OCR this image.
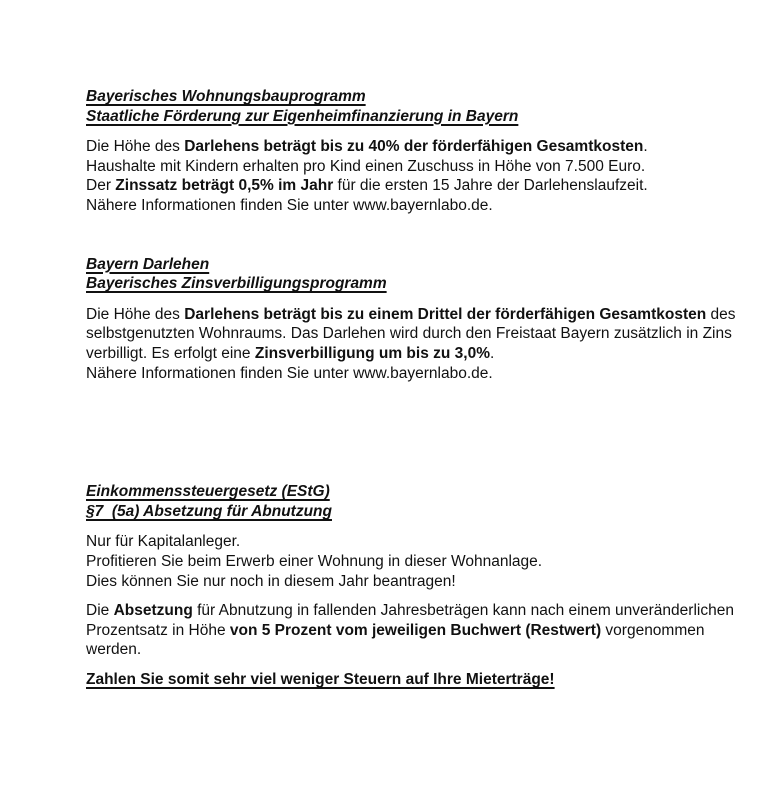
Bayerisches Wohnungsbauprogramm
Staatliche Förderung zur Eigenheimfinanzierung in Bayern

Die Höhe des Darlehens beträgt bis zu 40% der förderfähigen Gesamtkosten.
Haushalte mit Kindern erhalten pro Kind einen Zuschuss in Höhe von 7.500 Euro.
Der Zinssatz beträgt 0,5% im Jahr für die ersten 15 Jahre der Darlehenslaufzeit.
Nähere Informationen finden Sie unter www.bayernlabo.de.

Bayern Darlehen
Bayerisches Zinsverbilligungsprogramm

Die Höhe des Darlehens beträgt bis zu einem Drittel der förderfähigen Gesamtkosten des
selbstgenutzten Wohnraums. Das Darlehen wird durch den Freistaat Bayern zusätzlich in Zins
verbilligt. Es erfolgt eine Zinsverbilligung um bis zu 3,0%.
Nähere Informationen finden Sie unter www.bayernlabo.de.

Einkommenssteuergesetz (EStG)
§7  (5a) Absetzung für Abnutzung

Nur für Kapitalanleger.
Profitieren Sie beim Erwerb einer Wohnung in dieser Wohnanlage.
Dies können Sie nur noch in diesem Jahr beantragen!

Die Absetzung für Abnutzung in fallenden Jahresbeträgen kann nach einem unveränderlichen
Prozentsatz in Höhe von 5 Prozent vom jeweiligen Buchwert (Restwert) vorgenommen
werden.

Zahlen Sie somit sehr viel weniger Steuern auf Ihre Mieterträge!
